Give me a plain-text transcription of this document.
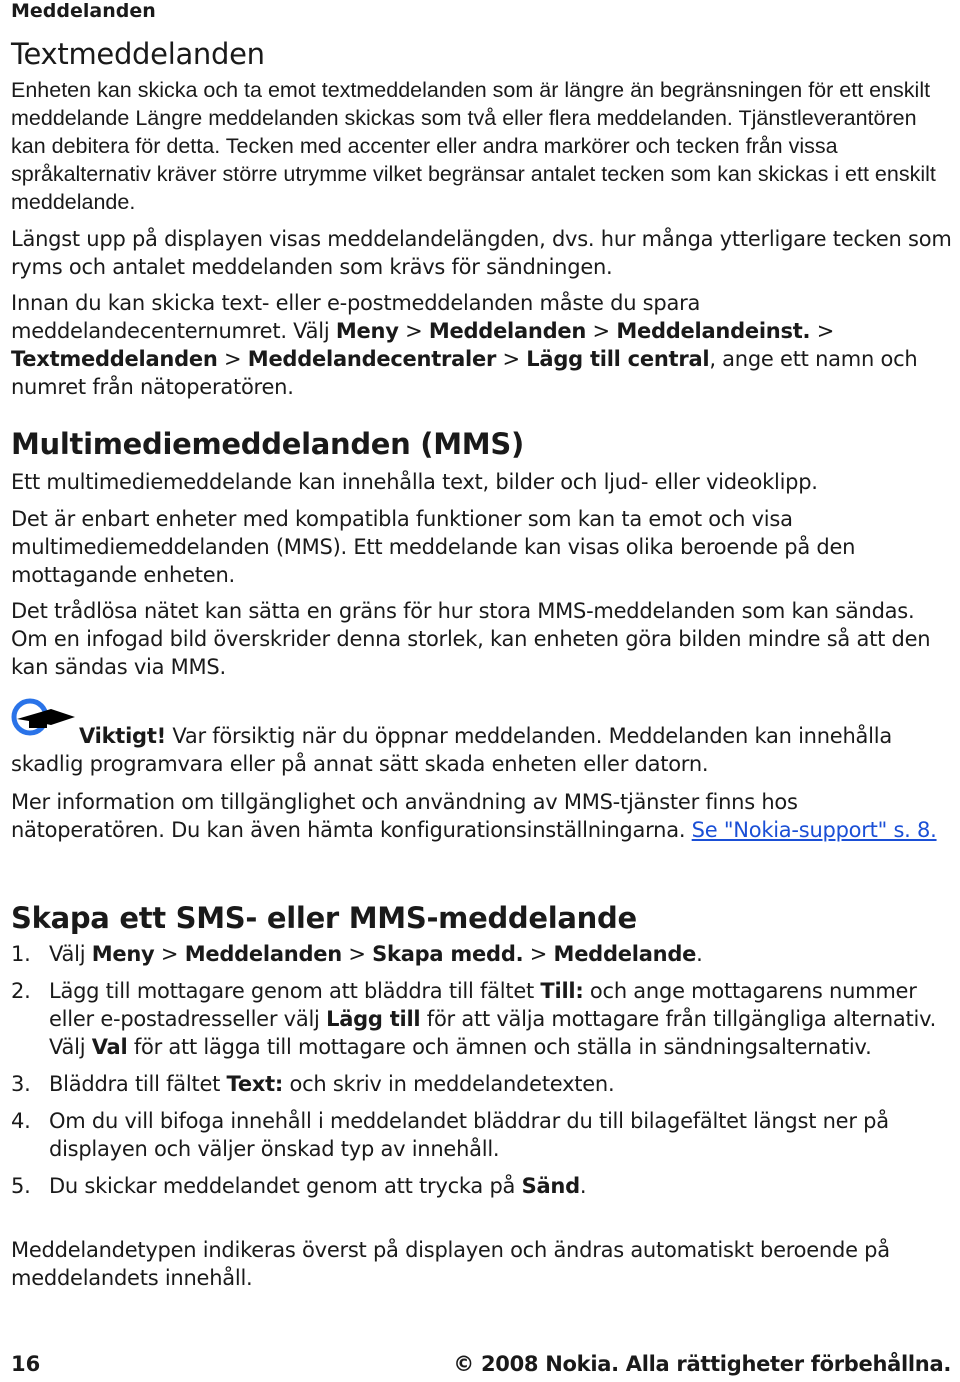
Meddelanden
Textmeddelanden

Enheten kan skicka och ta emot textmeddelanden som är längre än begränsningen för ett enskilt meddelande Längre meddelanden skickas som två eller flera meddelanden. Tjänstleverantören kan debitera för detta. Tecken med accenter eller andra markörer och tecken från vissa språkalternativ kräver större utrymme vilket begränsar antalet tecken som kan skickas i ett enskilt meddelande.

Längst upp på displayen visas meddelandelängden, dvs. hur många ytterligare tecken som ryms och antalet meddelanden som krävs för sändningen.

Innan du kan skicka text- eller e-postmeddelanden måste du spara meddelandecenternumret. Välj Meny > Meddelanden > Meddelandeinst. > Textmeddelanden > Meddelandecentraler > Lägg till central, ange ett namn och numret från nätoperatören.

Multimediemeddelanden (MMS)

Ett multimediemeddelande kan innehålla text, bilder och ljud- eller videoklipp.

Det är enbart enheter med kompatibla funktioner som kan ta emot och visa multimediemeddelanden (MMS). Ett meddelande kan visas olika beroende på den mottagande enheten.

Det trådlösa nätet kan sätta en gräns för hur stora MMS-meddelanden som kan sändas. Om en infogad bild överskrider denna storlek, kan enheten göra bilden mindre så att den kan sändas via MMS.

Viktigt! Var försiktig när du öppnar meddelanden. Meddelanden kan innehålla skadlig programvara eller på annat sätt skada enheten eller datorn.

Mer information om tillgänglighet och användning av MMS-tjänster finns hos nätoperatören. Du kan även hämta konfigurationsinställningarna. Se "Nokia-support" s. 8.

Skapa ett SMS- eller MMS-meddelande
1. Välj Meny > Meddelanden > Skapa medd. > Meddelande.
2. Lägg till mottagare genom att bläddra till fältet Till: och ange mottagarens nummer eller e-postadresseller välj Lägg till för att välja mottagare från tillgängliga alternativ. Välj Val för att lägga till mottagare och ämnen och ställa in sändningsalternativ.
3. Bläddra till fältet Text: och skriv in meddelandetexten.
4. Om du vill bifoga innehåll i meddelandet bläddrar du till bilagefältet längst ner på displayen och väljer önskad typ av innehåll.
5. Du skickar meddelandet genom att trycka på Sänd.

Meddelandetypen indikeras överst på displayen och ändras automatiskt beroende på meddelandets innehåll.

16	© 2008 Nokia. Alla rättigheter förbehållna.
